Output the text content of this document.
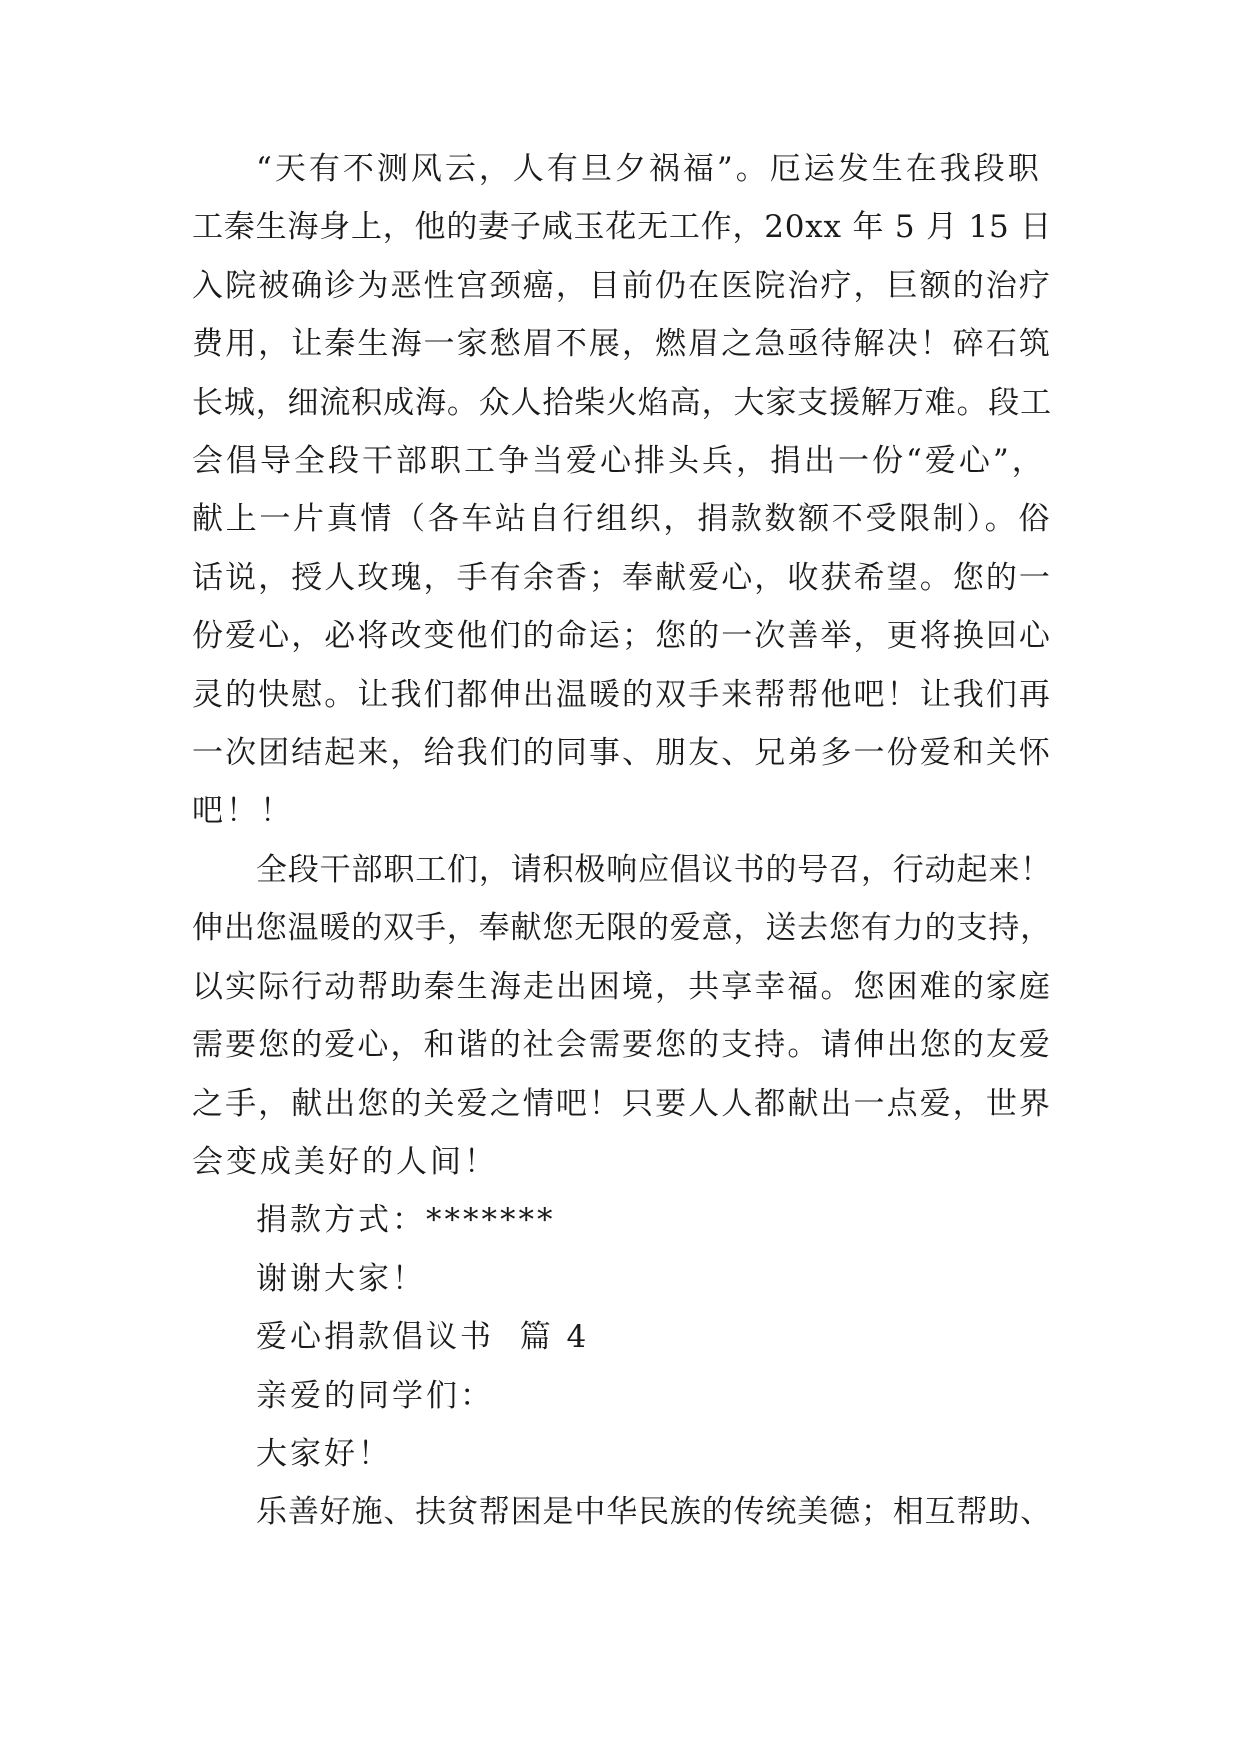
“天有不测风云，人有旦夕祸福”。厄运发生在我段职
工秦生海身上，他的妻子咸玉花无工作，20xx 年 5 月 15 日
入院被确诊为恶性宫颈癌，目前仍在医院治疗，巨额的治疗
费用，让秦生海一家愁眉不展，燃眉之急亟待解决！碎石筑
长城，细流积成海。众人拾柴火焰高，大家支援解万难。段工
会倡导全段干部职工争当爱心排头兵，捐出一份“爱心”，
献上一片真情（各车站自行组织，捐款数额不受限制）。俗
话说，授人玫瑰，手有余香；奉献爱心，收获希望。您的一
份爱心，必将改变他们的命运；您的一次善举，更将换回心
灵的快慰。让我们都伸出温暖的双手来帮帮他吧！让我们再
一次团结起来，给我们的同事、朋友、兄弟多一份爱和关怀
吧！！
全段干部职工们，请积极响应倡议书的号召，行动起来！
伸出您温暖的双手，奉献您无限的爱意，送去您有力的支持，
以实际行动帮助秦生海走出困境，共享幸福。您困难的家庭
需要您的爱心，和谐的社会需要您的支持。请伸出您的友爱
之手，献出您的关爱之情吧！只要人人都献出一点爱，世界
会变成美好的人间！
捐款方式：*******
谢谢大家！
爱心捐款倡议书  篇 4
亲爱的同学们：
大家好！
乐善好施、扶贫帮困是中华民族的传统美德；相互帮助、
